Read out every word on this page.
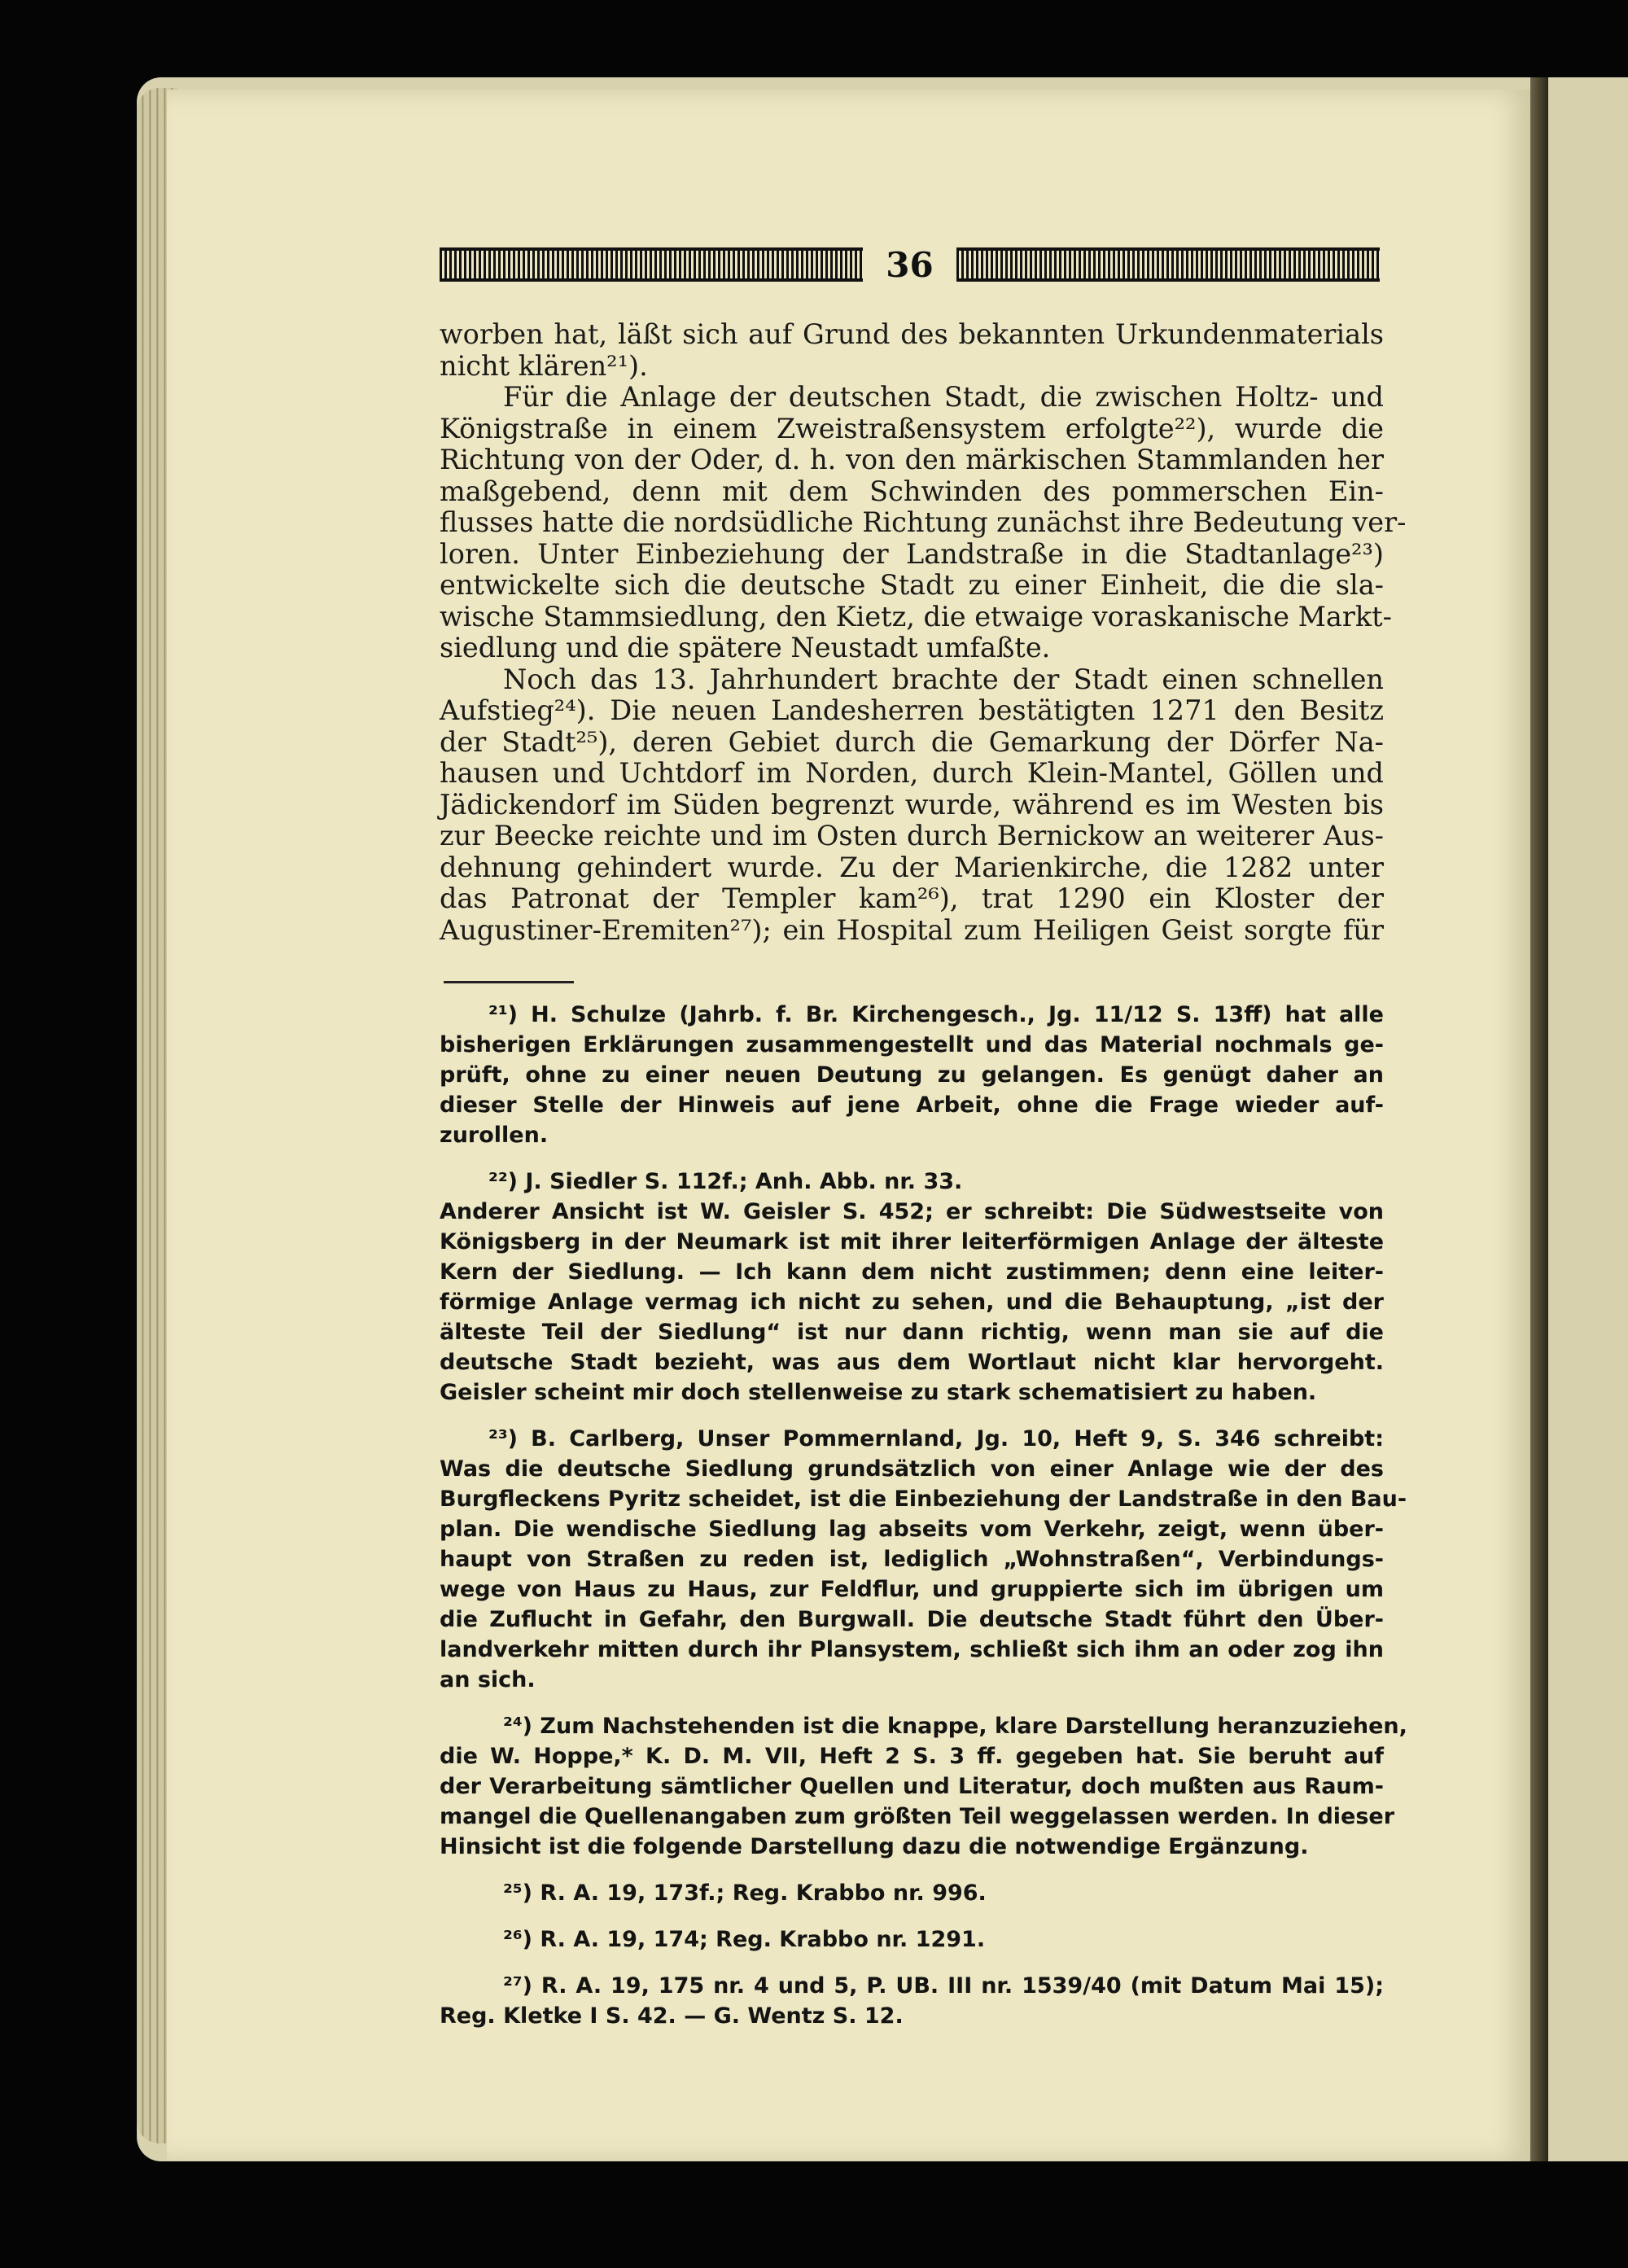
36

worben hat, läßt sich auf Grund des bekannten Urkundenmaterials
nicht klären²¹).

Für die Anlage der deutschen Stadt, die zwischen Holtz- und
Königstraße in einem Zweistraßensystem erfolgte²²), wurde die
Richtung von der Oder, d. h. von den märkischen Stammlanden her
maßgebend, denn mit dem Schwinden des pommerschen Ein-
flusses hatte die nordsüdliche Richtung zunächst ihre Bedeutung ver-
loren. Unter Einbeziehung der Landstraße in die Stadtanlage²³)
entwickelte sich die deutsche Stadt zu einer Einheit, die die sla-
wische Stammsiedlung, den Kietz, die etwaige voraskanische Markt-
siedlung und die spätere Neustadt umfaßte.

Noch das 13. Jahrhundert brachte der Stadt einen schnellen
Aufstieg²⁴). Die neuen Landesherren bestätigten 1271 den Besitz
der Stadt²⁵), deren Gebiet durch die Gemarkung der Dörfer Na-
hausen und Uchtdorf im Norden, durch Klein-Mantel, Göllen und
Jädickendorf im Süden begrenzt wurde, während es im Westen bis
zur Beecke reichte und im Osten durch Bernickow an weiterer Aus-
dehnung gehindert wurde. Zu der Marienkirche, die 1282 unter
das Patronat der Templer kam²⁶), trat 1290 ein Kloster der
Augustiner-Eremiten²⁷); ein Hospital zum Heiligen Geist sorgte für

²¹) H. Schulze (Jahrb. f. Br. Kirchengesch., Jg. 11/12 S. 13ff) hat alle
bisherigen Erklärungen zusammengestellt und das Material nochmals ge-
prüft, ohne zu einer neuen Deutung zu gelangen. Es genügt daher an
dieser Stelle der Hinweis auf jene Arbeit, ohne die Frage wieder auf-
zurollen.

²²) J. Siedler S. 112f.; Anh. Abb. nr. 33.
Anderer Ansicht ist W. Geisler S. 452; er schreibt: Die Südwestseite von
Königsberg in der Neumark ist mit ihrer leiterförmigen Anlage der älteste
Kern der Siedlung. — Ich kann dem nicht zustimmen; denn eine leiter-
förmige Anlage vermag ich nicht zu sehen, und die Behauptung, „ist der
älteste Teil der Siedlung“ ist nur dann richtig, wenn man sie auf die
deutsche Stadt bezieht, was aus dem Wortlaut nicht klar hervorgeht.
Geisler scheint mir doch stellenweise zu stark schematisiert zu haben.

²³) B. Carlberg, Unser Pommernland, Jg. 10, Heft 9, S. 346 schreibt:
Was die deutsche Siedlung grundsätzlich von einer Anlage wie der des
Burgfleckens Pyritz scheidet, ist die Einbeziehung der Landstraße in den Bau-
plan. Die wendische Siedlung lag abseits vom Verkehr, zeigt, wenn über-
haupt von Straßen zu reden ist, lediglich „Wohnstraßen“, Verbindungs-
wege von Haus zu Haus, zur Feldflur, und gruppierte sich im übrigen um
die Zuflucht in Gefahr, den Burgwall. Die deutsche Stadt führt den Über-
landverkehr mitten durch ihr Plansystem, schließt sich ihm an oder zog ihn
an sich.

²⁴) Zum Nachstehenden ist die knappe, klare Darstellung heranzuziehen,
die W. Hoppe,* K. D. M. VII, Heft 2 S. 3 ff. gegeben hat. Sie beruht auf
der Verarbeitung sämtlicher Quellen und Literatur, doch mußten aus Raum-
mangel die Quellenangaben zum größten Teil weggelassen werden. In dieser
Hinsicht ist die folgende Darstellung dazu die notwendige Ergänzung.

²⁵) R. A. 19, 173f.; Reg. Krabbo nr. 996.

²⁶) R. A. 19, 174; Reg. Krabbo nr. 1291.

²⁷) R. A. 19, 175 nr. 4 und 5, P. UB. III nr. 1539/40 (mit Datum Mai 15);
Reg. Kletke I S. 42. — G. Wentz S. 12.
